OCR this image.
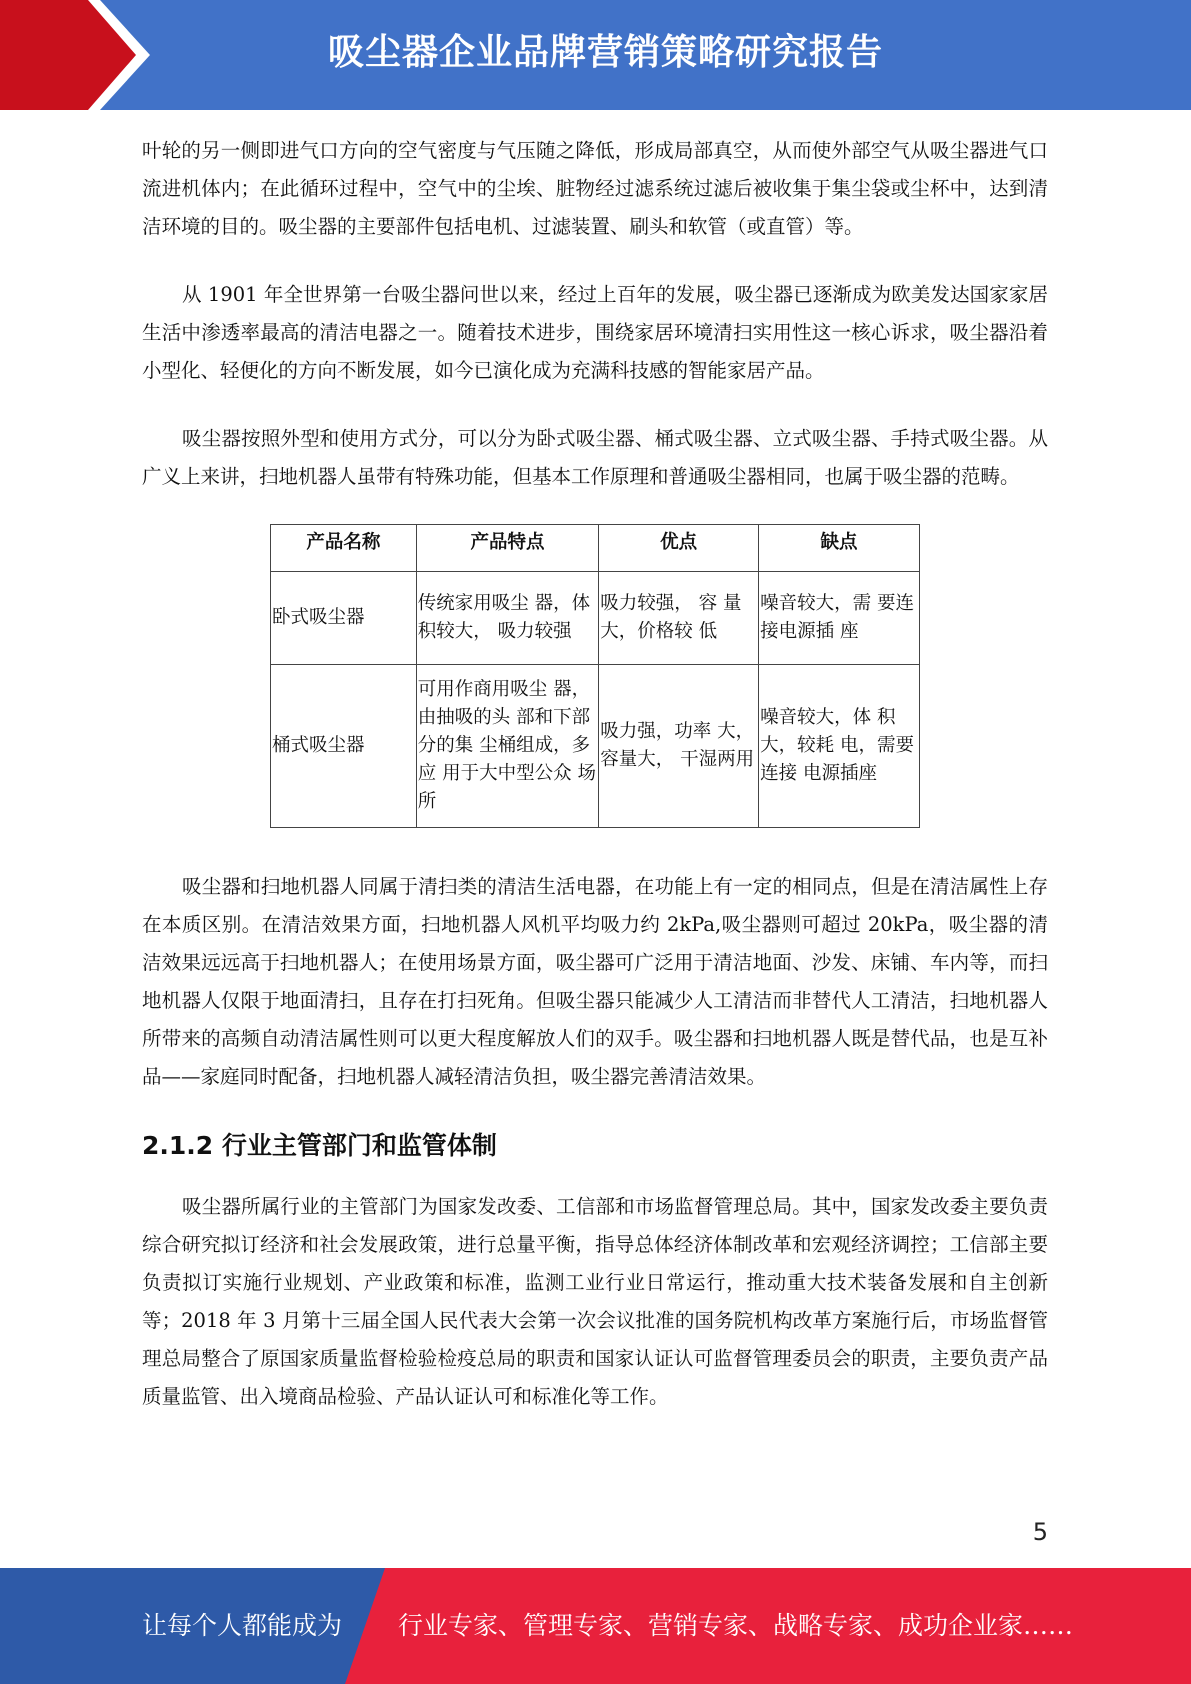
吸尘器企业品牌营销策略研究报告

叶轮的另一侧即进气口方向的空气密度与气压随之降低，形成局部真空，从而使外部空气从吸尘器进气口流进机体内；在此循环过程中，空气中的尘埃、脏物经过滤系统过滤后被收集于集尘袋或尘杯中，达到清洁环境的目的。吸尘器的主要部件包括电机、过滤装置、刷头和软管（或直管）等。

从 1901 年全世界第一台吸尘器问世以来，经过上百年的发展，吸尘器已逐渐成为欧美发达国家家居生活中渗透率最高的清洁电器之一。随着技术进步，围绕家居环境清扫实用性这一核心诉求，吸尘器沿着小型化、轻便化的方向不断发展，如今已演化成为充满科技感的智能家居产品。

吸尘器按照外型和使用方式分，可以分为卧式吸尘器、桶式吸尘器、立式吸尘器、手持式吸尘器。从广义上来讲，扫地机器人虽带有特殊功能，但基本工作原理和普通吸尘器相同，也属于吸尘器的范畴。

产品名称	产品特点	优点	缺点
卧式吸尘器	传统家用吸尘 器，体积较大， 吸力较强	吸力较强， 容 量大，价格较 低	噪音较大，需 要连接电源插 座
桶式吸尘器	可用作商用吸尘 器，由抽吸的头 部和下部分的集 尘桶组成，多应 用于大中型公众 场所	吸力强，功率 大，容量大， 干湿两用	噪音较大，体 积大，较耗 电，需要连接 电源插座

吸尘器和扫地机器人同属于清扫类的清洁生活电器，在功能上有一定的相同点，但是在清洁属性上存在本质区别。在清洁效果方面，扫地机器人风机平均吸力约 2kPa,吸尘器则可超过 20kPa，吸尘器的清洁效果远远高于扫地机器人；在使用场景方面，吸尘器可广泛用于清洁地面、沙发、床铺、车内等，而扫地机器人仅限于地面清扫，且存在打扫死角。但吸尘器只能减少人工清洁而非替代人工清洁，扫地机器人所带来的高频自动清洁属性则可以更大程度解放人们的双手。吸尘器和扫地机器人既是替代品，也是互补品——家庭同时配备，扫地机器人减轻清洁负担，吸尘器完善清洁效果。

2.1.2 行业主管部门和监管体制

吸尘器所属行业的主管部门为国家发改委、工信部和市场监督管理总局。其中，国家发改委主要负责综合研究拟订经济和社会发展政策，进行总量平衡，指导总体经济体制改革和宏观经济调控；工信部主要负责拟订实施行业规划、产业政策和标准，监测工业行业日常运行，推动重大技术装备发展和自主创新等；2018 年 3 月第十三届全国人民代表大会第一次会议批准的国务院机构改革方案施行后，市场监督管理总局整合了原国家质量监督检验检疫总局的职责和国家认证认可监督管理委员会的职责，主要负责产品质量监管、出入境商品检验、产品认证认可和标准化等工作。

5
让每个人都能成为 行业专家、管理专家、营销专家、战略专家、成功企业家……
